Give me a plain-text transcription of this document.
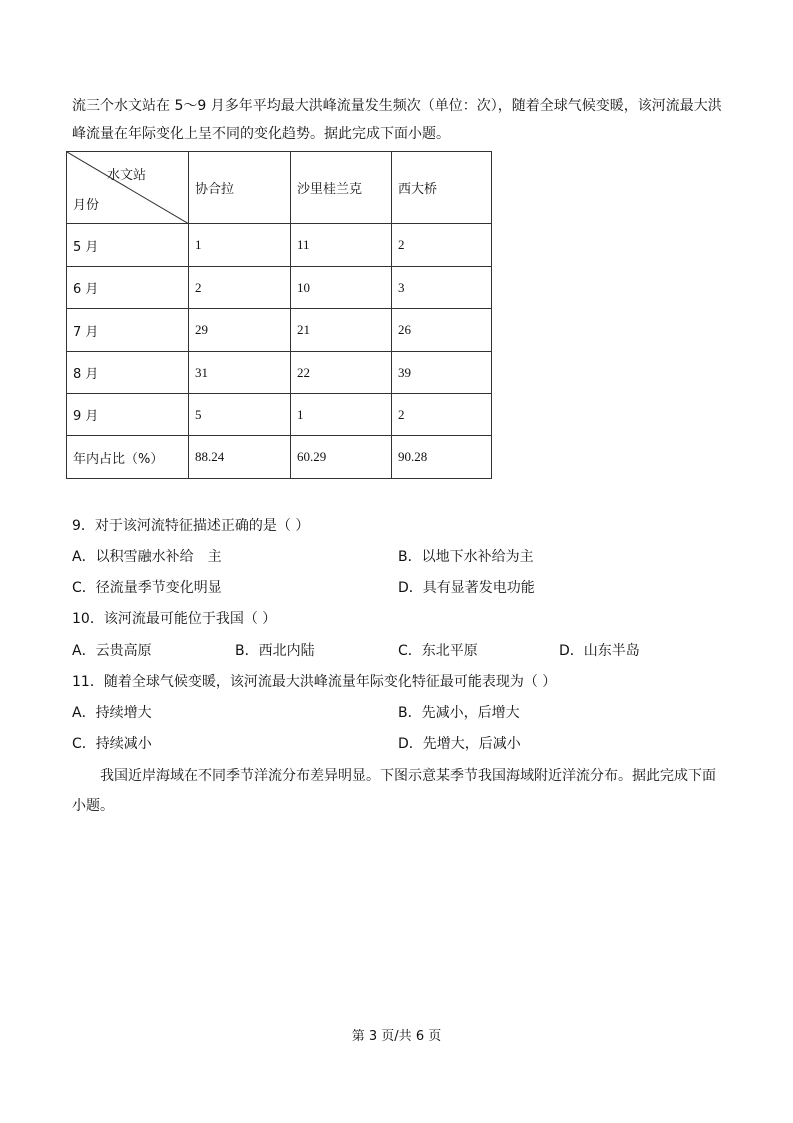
流三个水文站在 5～9 月多年平均最大洪峰流量发生频次（单位：次），随着全球气候变暖，该河流最大洪
峰流量在年际变化上呈不同的变化趋势。据此完成下面小题。
水文站
月份	协合拉	沙里桂兰克	西大桥
5 月	1	11	2
6 月	2	10	3
7 月	29	21	26
8 月	31	22	39
9 月	5	1	2
年内占比（%）	88.24	60.29	90.28
9．对于该河流特征描述正确的是（ ）
A．以积雪融水补给　主	B．以地下水补给为主
C．径流量季节变化明显	D．具有显著发电功能
10．该河流最可能位于我国（ ）
A．云贵高原	B．西北内陆	C．东北平原	D．山东半岛
11．随着全球气候变暖，该河流最大洪峰流量年际变化特征最可能表现为（ ）
A．持续增大	B．先减小，后增大
C．持续减小	D．先增大，后减小
我国近岸海域在不同季节洋流分布差异明显。下图示意某季节我国海域附近洋流分布。据此完成下面
小题。
第 3 页/共 6 页
